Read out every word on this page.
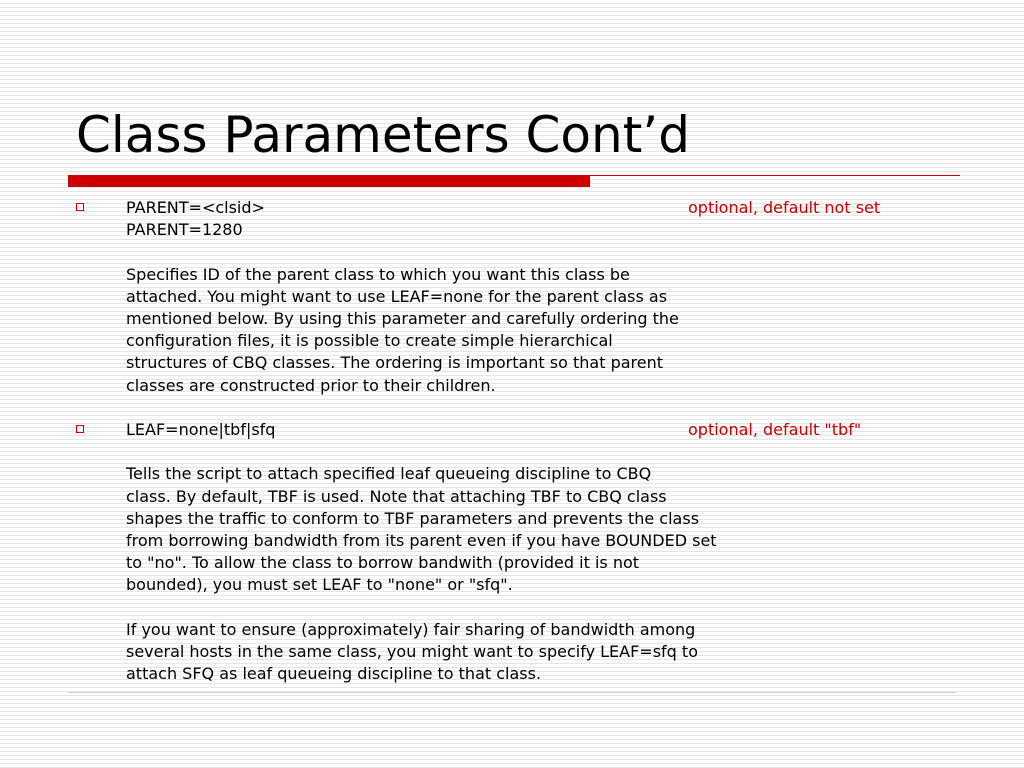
Class Parameters Cont’d
PARENT=<clsid>	optional, default not set
PARENT=1280
Specifies ID of the parent class to which you want this class be
attached. You might want to use LEAF=none for the parent class as
mentioned below. By using this parameter and carefully ordering the
configuration files, it is possible to create simple hierarchical
structures of CBQ classes. The ordering is important so that parent
classes are constructed prior to their children.
LEAF=none|tbf|sfq	optional, default "tbf"
Tells the script to attach specified leaf queueing discipline to CBQ
class. By default, TBF is used. Note that attaching TBF to CBQ class
shapes the traffic to conform to TBF parameters and prevents the class
from borrowing bandwidth from its parent even if you have BOUNDED set
to "no". To allow the class to borrow bandwith (provided it is not
bounded), you must set LEAF to "none" or "sfq".
If you want to ensure (approximately) fair sharing of bandwidth among
several hosts in the same class, you might want to specify LEAF=sfq to
attach SFQ as leaf queueing discipline to that class.
